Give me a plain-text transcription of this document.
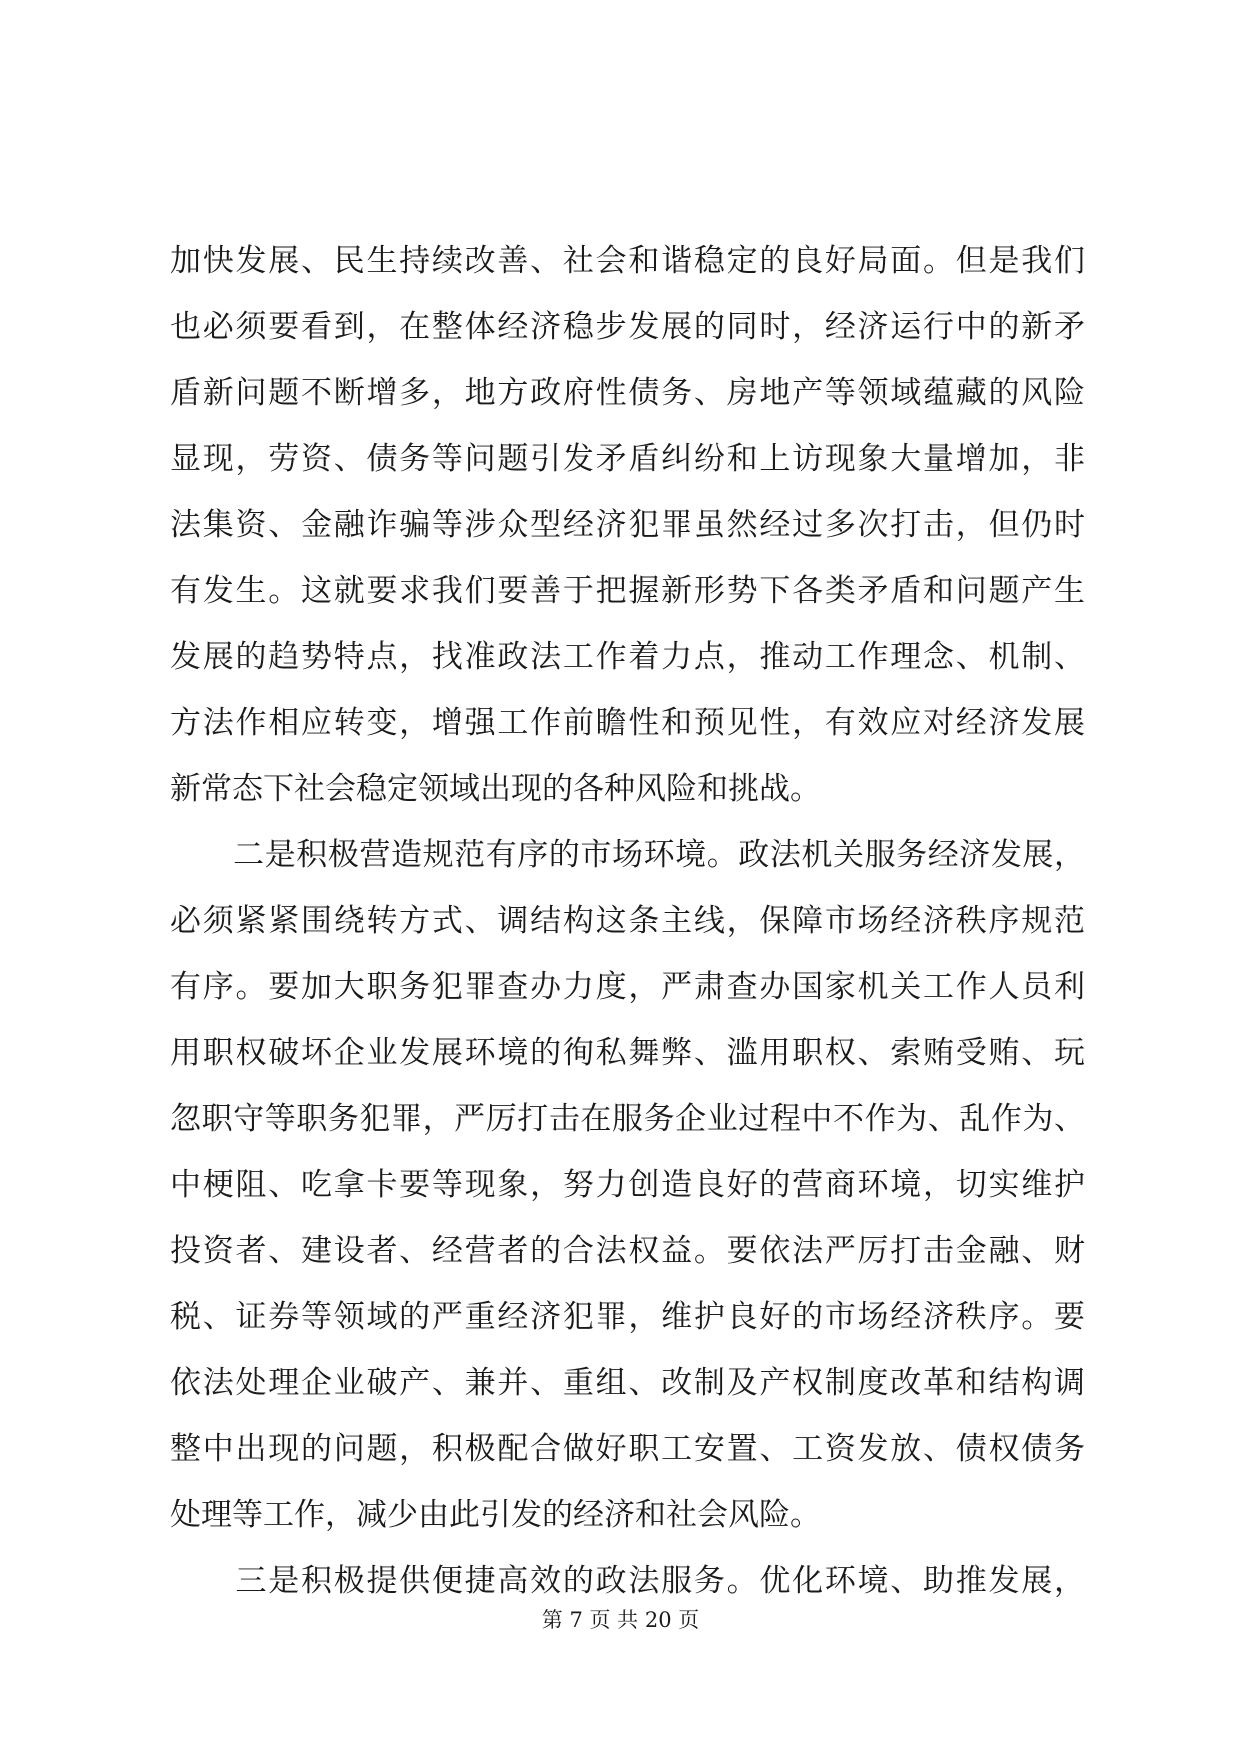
加快发展、民生持续改善、社会和谐稳定的良好局面。但是我们
也必须要看到，在整体经济稳步发展的同时，经济运行中的新矛
盾新问题不断增多，地方政府性债务、房地产等领域蕴藏的风险
显现，劳资、债务等问题引发矛盾纠纷和上访现象大量增加，非
法集资、金融诈骗等涉众型经济犯罪虽然经过多次打击，但仍时
有发生。这就要求我们要善于把握新形势下各类矛盾和问题产生
发展的趋势特点，找准政法工作着力点，推动工作理念、机制、
方法作相应转变，增强工作前瞻性和预见性，有效应对经济发展
新常态下社会稳定领域出现的各种风险和挑战。
　　二是积极营造规范有序的市场环境。政法机关服务经济发展，
必须紧紧围绕转方式、调结构这条主线，保障市场经济秩序规范
有序。要加大职务犯罪查办力度，严肃查办国家机关工作人员利
用职权破坏企业发展环境的徇私舞弊、滥用职权、索贿受贿、玩
忽职守等职务犯罪，严厉打击在服务企业过程中不作为、乱作为、
中梗阻、吃拿卡要等现象，努力创造良好的营商环境，切实维护
投资者、建设者、经营者的合法权益。要依法严厉打击金融、财
税、证券等领域的严重经济犯罪，维护良好的市场经济秩序。要
依法处理企业破产、兼并、重组、改制及产权制度改革和结构调
整中出现的问题，积极配合做好职工安置、工资发放、债权债务
处理等工作，减少由此引发的经济和社会风险。
　　三是积极提供便捷高效的政法服务。优化环境、助推发展，
第 7 页 共 20 页
